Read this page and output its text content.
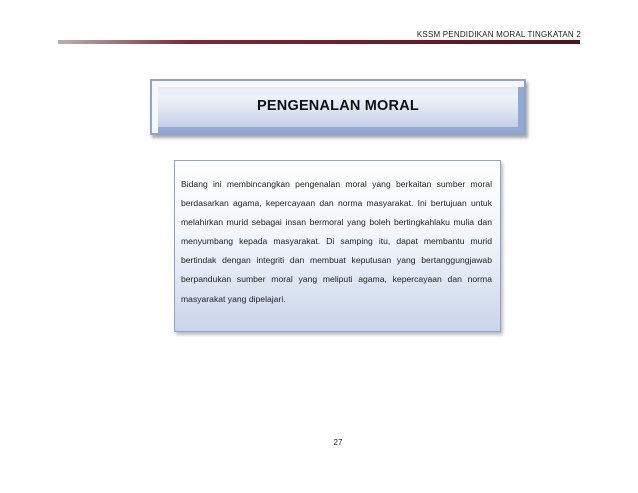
KSSM PENDIDIKAN MORAL TINGKATAN 2
PENGENALAN MORAL

Bidang ini membincangkan pengenalan moral yang berkaitan sumber moral berdasarkan agama, kepercayaan dan norma masyarakat. Ini bertujuan untuk melahirkan murid sebagai insan bermoral yang boleh bertingkahlaku mulia dan menyumbang kepada masyarakat. Di samping itu, dapat membantu murid bertindak dengan integriti dan membuat keputusan yang bertanggungjawab berpandukan sumber moral yang meliputi agama, kepercayaan dan norma masyarakat yang dipelajari.

27
